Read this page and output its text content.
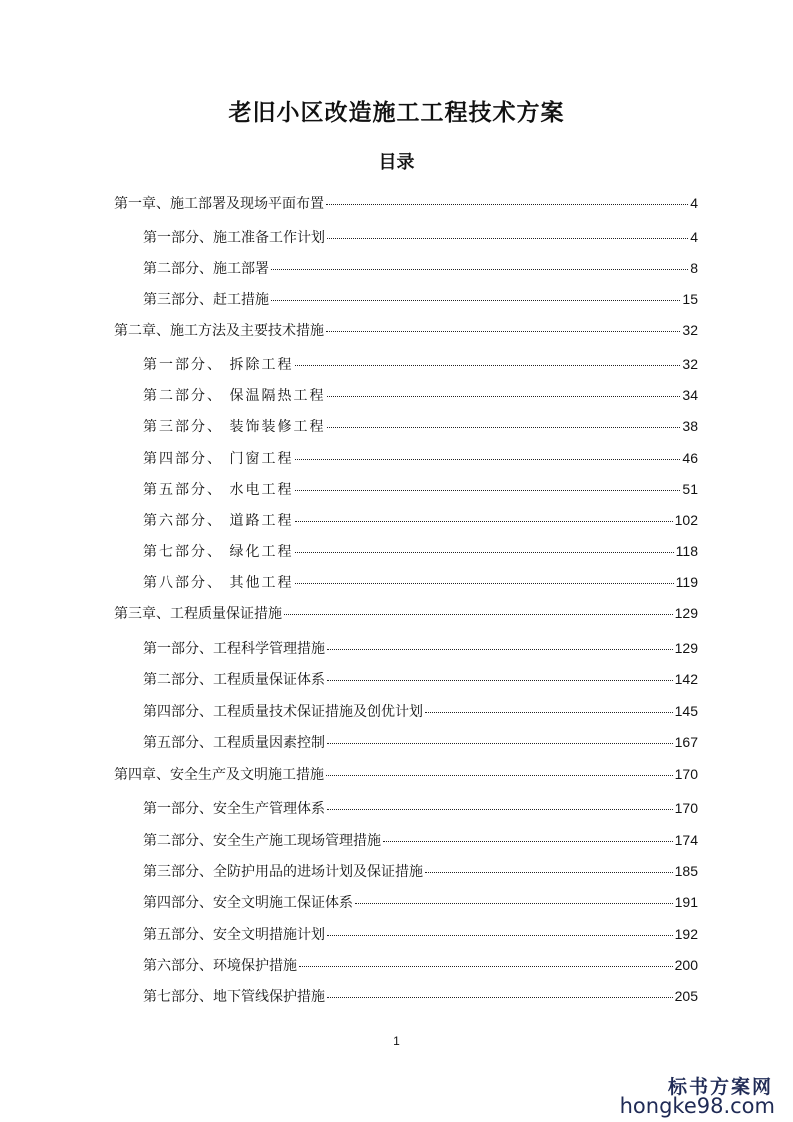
老旧小区改造施工工程技术方案
目录
第一章、施工部署及现场平面布置	4
第一部分、施工准备工作计划	4
第二部分、施工部署	8
第三部分、赶工措施	15
第二章、施工方法及主要技术措施	32
第一部分、 拆除工程	32
第二部分、 保温隔热工程	34
第三部分、 装饰装修工程	38
第四部分、 门窗工程	46
第五部分、 水电工程	51
第六部分、 道路工程	102
第七部分、 绿化工程	118
第八部分、 其他工程	119
第三章、工程质量保证措施	129
第一部分、工程科学管理措施	129
第二部分、工程质量保证体系	142
第四部分、工程质量技术保证措施及创优计划	145
第五部分、工程质量因素控制	167
第四章、安全生产及文明施工措施	170
第一部分、安全生产管理体系	170
第二部分、安全生产施工现场管理措施	174
第三部分、全防护用品的进场计划及保证措施	185
第四部分、安全文明施工保证体系	191
第五部分、安全文明措施计划	192
第六部分、环境保护措施	200
第七部分、地下管线保护措施	205
1
标书方案网
hongke98.com
